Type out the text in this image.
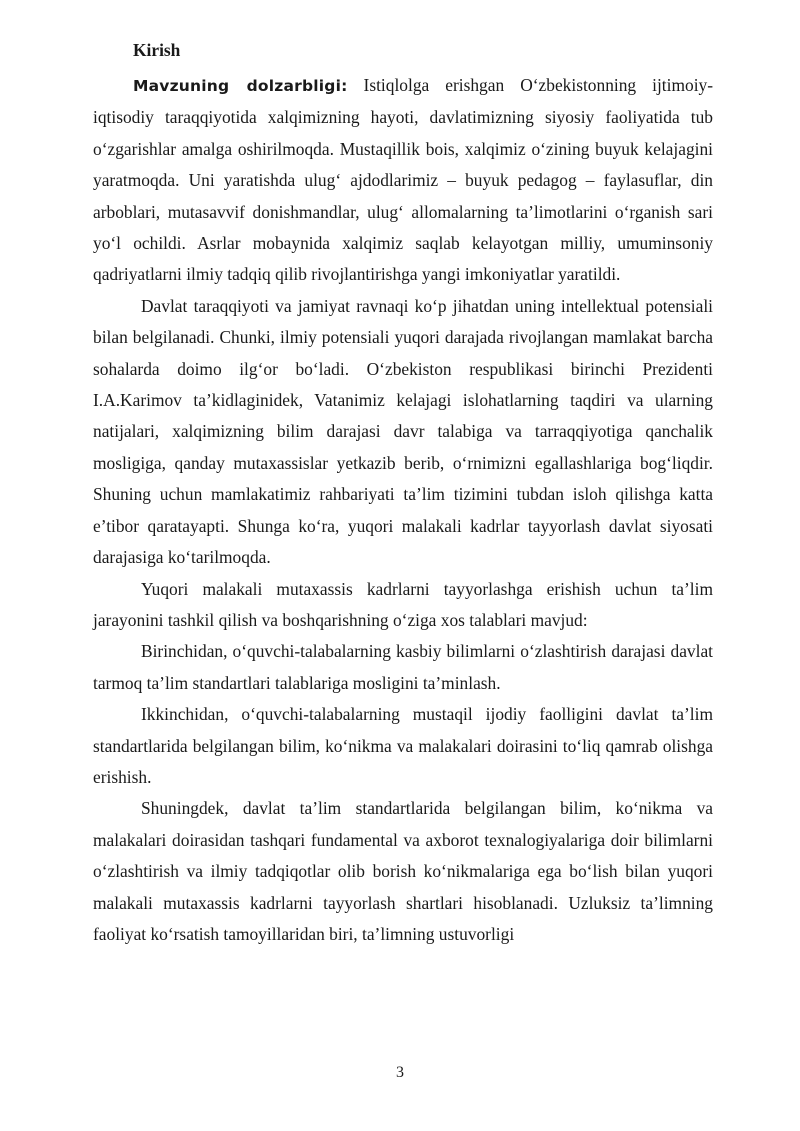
Kirish

Mavzuning dolzarbligi: Istiqlolga erishgan O‘zbekistonning ijtimoiy-iqtisodiy taraqqiyotida xalqimizning hayoti, davlatimizning siyosiy faoliyatida tub o‘zgarishlar amalga oshirilmoqda. Mustaqillik bois, xalqimiz o‘zining buyuk kelajagini yaratmoqda. Uni yaratishda ulug‘ ajdodlarimiz – buyuk pedagog – faylasuflar, din arboblari, mutasavvif donishmandlar, ulug‘ allomalarning ta’limotlarini o‘rganish sari yo‘l ochildi. Asrlar mobaynida xalqimiz saqlab kelayotgan milliy, umuminsoniy qadriyatlarni ilmiy tadqiq qilib rivojlantirishga yangi imkoniyatlar yaratildi.

Davlat taraqqiyoti va jamiyat ravnaqi ko‘p jihatdan uning intellektual potensiali bilan belgilanadi. Chunki, ilmiy potensiali yuqori darajada rivojlangan mamlakat barcha sohalarda doimo ilg‘or bo‘ladi. O‘zbekiston respublikasi birinchi Prezidenti I.A.Karimov ta’kidlaginidek, Vatanimiz kelajagi islohatlarning taqdiri va ularning natijalari, xalqimizning bilim darajasi davr talabiga va tarraqqiyotiga qanchalik mosligiga, qanday mutaxassislar yetkazib berib, o‘rnimizni egallashlariga bog‘liqdir. Shuning uchun mamlakatimiz rahbariyati ta’lim tizimini tubdan isloh qilishga katta e’tibor qaratayapti. Shunga ko‘ra, yuqori malakali kadrlar tayyorlash davlat siyosati darajasiga ko‘tarilmoqda.

Yuqori malakali mutaxassis kadrlarni tayyorlashga erishish uchun ta’lim jarayonini tashkil qilish va boshqarishning o‘ziga xos talablari mavjud:

Birinchidan, o‘quvchi-talabalarning kasbiy bilimlarni o‘zlashtirish darajasi davlat tarmoq ta’lim standartlari talablariga mosligini ta’minlash.

Ikkinchidan, o‘quvchi-talabalarning mustaqil ijodiy faolligini davlat ta’lim standartlarida belgilangan bilim, ko‘nikma va malakalari doirasini to‘liq qamrab olishga erishish.

Shuningdek, davlat ta’lim standartlarida belgilangan bilim, ko‘nikma va malakalari doirasidan tashqari fundamental va axborot texnalogiyalariga doir bilimlarni o‘zlashtirish va ilmiy tadqiqotlar olib borish ko‘nikmalariga ega bo‘lish bilan yuqori malakali mutaxassis kadrlarni tayyorlash shartlari hisoblanadi. Uzluksiz ta’limning faoliyat ko‘rsatish tamoyillaridan biri, ta’limning ustuvorligi

3
